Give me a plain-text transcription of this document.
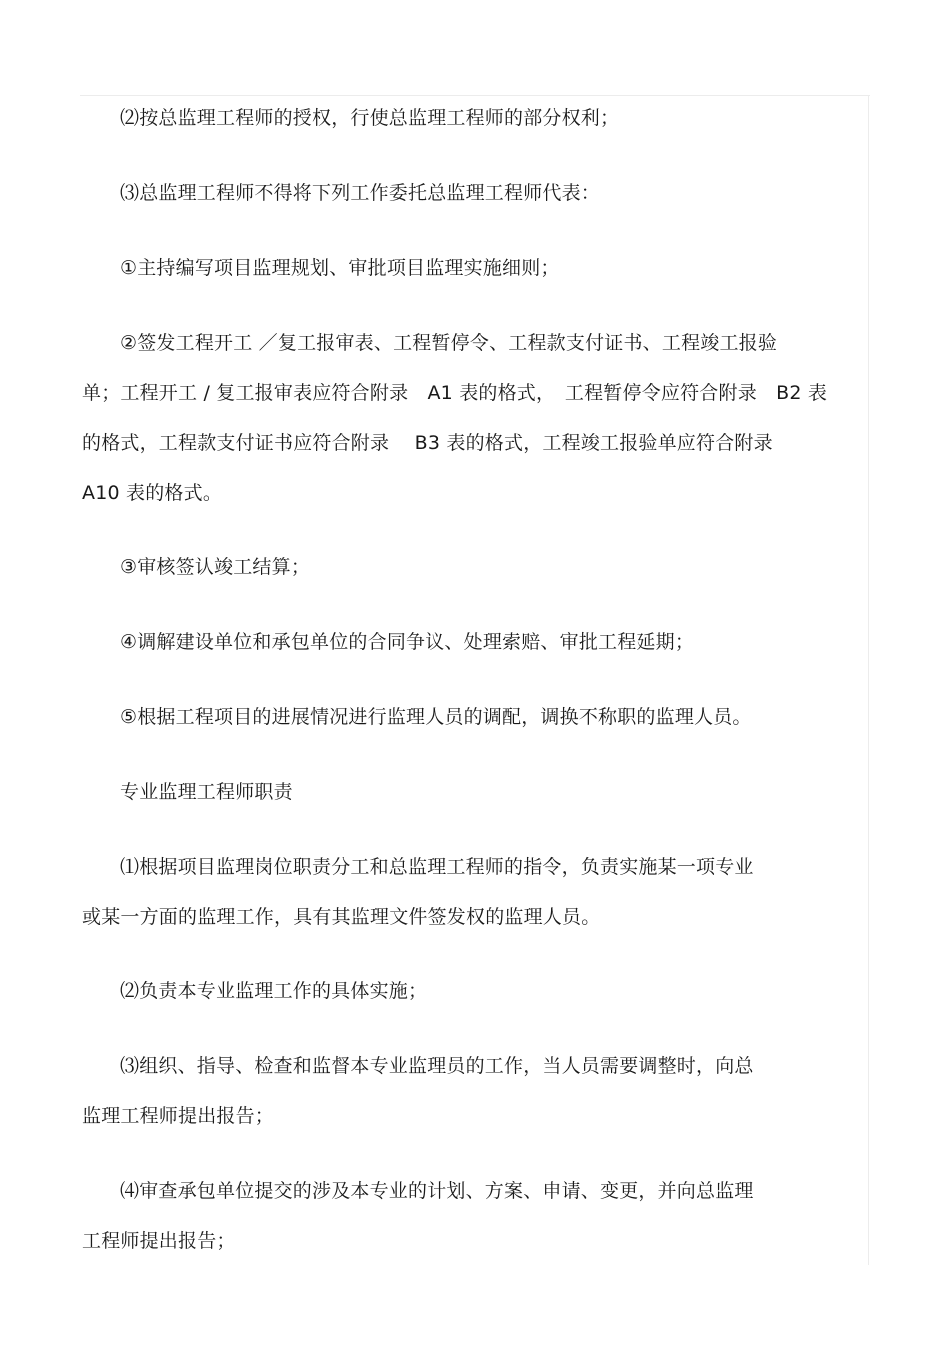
⑵按总监理工程师的授权，行使总监理工程师的部分权利；
⑶总监理工程师不得将下列工作委托总监理工程师代表：
①主持编写项目监理规划、审批项目监理实施细则；
②签发工程开工 ／复工报审表、工程暂停令、工程款支付证书、工程竣工报验
单；工程开工 / 复工报审表应符合附录　A1 表的格式，　工程暂停令应符合附录　B2 表
的格式，工程款支付证书应符合附录　 B3 表的格式，工程竣工报验单应符合附录
A10 表的格式。
③审核签认竣工结算；
④调解建设单位和承包单位的合同争议、处理索赔、审批工程延期；
⑤根据工程项目的进展情况进行监理人员的调配，调换不称职的监理人员。
专业监理工程师职责
⑴根据项目监理岗位职责分工和总监理工程师的指令，负责实施某一项专业
或某一方面的监理工作，具有其监理文件签发权的监理人员。
⑵负责本专业监理工作的具体实施；
⑶组织、指导、检查和监督本专业监理员的工作，当人员需要调整时，向总
监理工程师提出报告；
⑷审查承包单位提交的涉及本专业的计划、方案、申请、变更，并向总监理
工程师提出报告；
